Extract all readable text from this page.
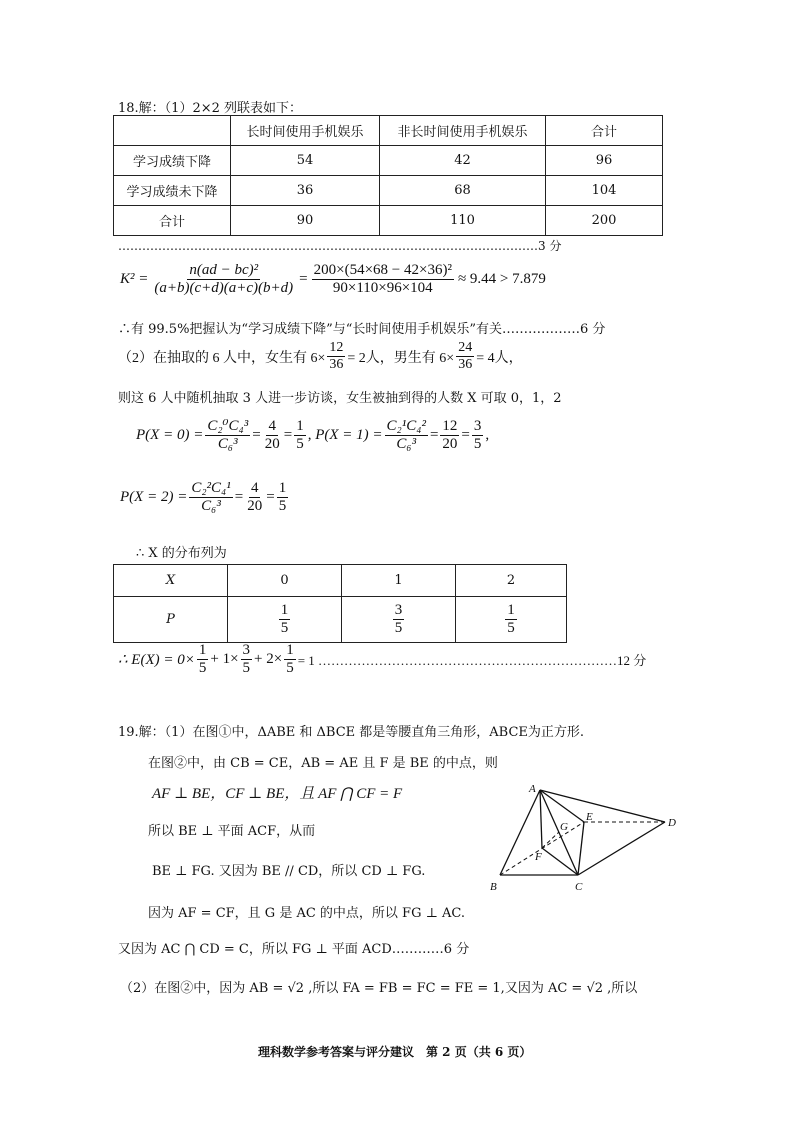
18.解：（1）2×2 列联表如下：
	长时间使用手机娱乐	非长时间使用手机娱乐	合计
学习成绩下降	54	42	96
学习成绩未下降	36	68	104
合计	90	110	200
……………………………………………………………………………………………3 分
$K^2 = \frac{\text{n(ad − bc)²}}{(a+b)(c+d)(a+c)(b+d)} = \frac{\text{200×(54×68 − 42×36)²}}{90\times 110\times 96\times 104} \approx 9.44 > 7.879$
∴有 99.5%把握认为“学习成绩下降”与“长时间使用手机娱乐”有关………………6 分
（2）在抽取的 6 人中，女生有 $6\times \frac{12}{36} = 2$人，男生有 $6\times \frac{24}{36} = 4$人，
则这 6 人中随机抽取 3 人进一步访谈，女生被抽到得的人数 X 可取 0，1，2
$P(X = 0) = \frac{\text{C₂⁰C₄³}}{\text{C₆³}} = \frac{4}{20} = \frac{1}{5}$ , $P(X = 1) = \frac{\text{C₂¹C₄²}}{\text{C₆³}} = \frac{12}{20} = \frac{3}{5}$ ,
$P(X = 2) = \frac{\text{C₂²C₄¹}}{\text{C₆³}} = \frac{4}{20} = \frac{1}{5}$
∴ X 的分布列为
X	0	1	2
P	$\frac{1}{5}$	$\frac{3}{5}$	$\frac{1}{5}$
∴ $E(X) = 0\times \frac{1}{5} + 1\times \frac{3}{5} + 2\times \frac{1}{5} = 1$ ……………………………………………………………12 分
19.解：（1）在图①中，ΔABE 和 ΔBCE 都是等腰直角三角形，ABCE为正方形.
在图②中，由 CB = CE，AB = AE 且 F 是 BE 的中点，则
AF ⊥ BE，CF ⊥ BE，且 AF ⋂ CF = F
所以 BE ⊥ 平面 ACF，从而
BE ⊥ FG. 又因为 BE // CD，所以 CD ⊥ FG.
因为 AF = CF，且 G 是 AC 的中点，所以 FG ⊥ AC.
又因为 AC ⋂ CD = C，所以 FG ⊥ 平面 ACD…………6 分
（2）在图②中，因为 AB = √2 ,所以 FA = FB = FC = FE = 1,又因为 AC = √2 ,所以
A
B	C
D
E
F
G
理科数学参考答案与评分建议　第 2 页（共 6 页）
